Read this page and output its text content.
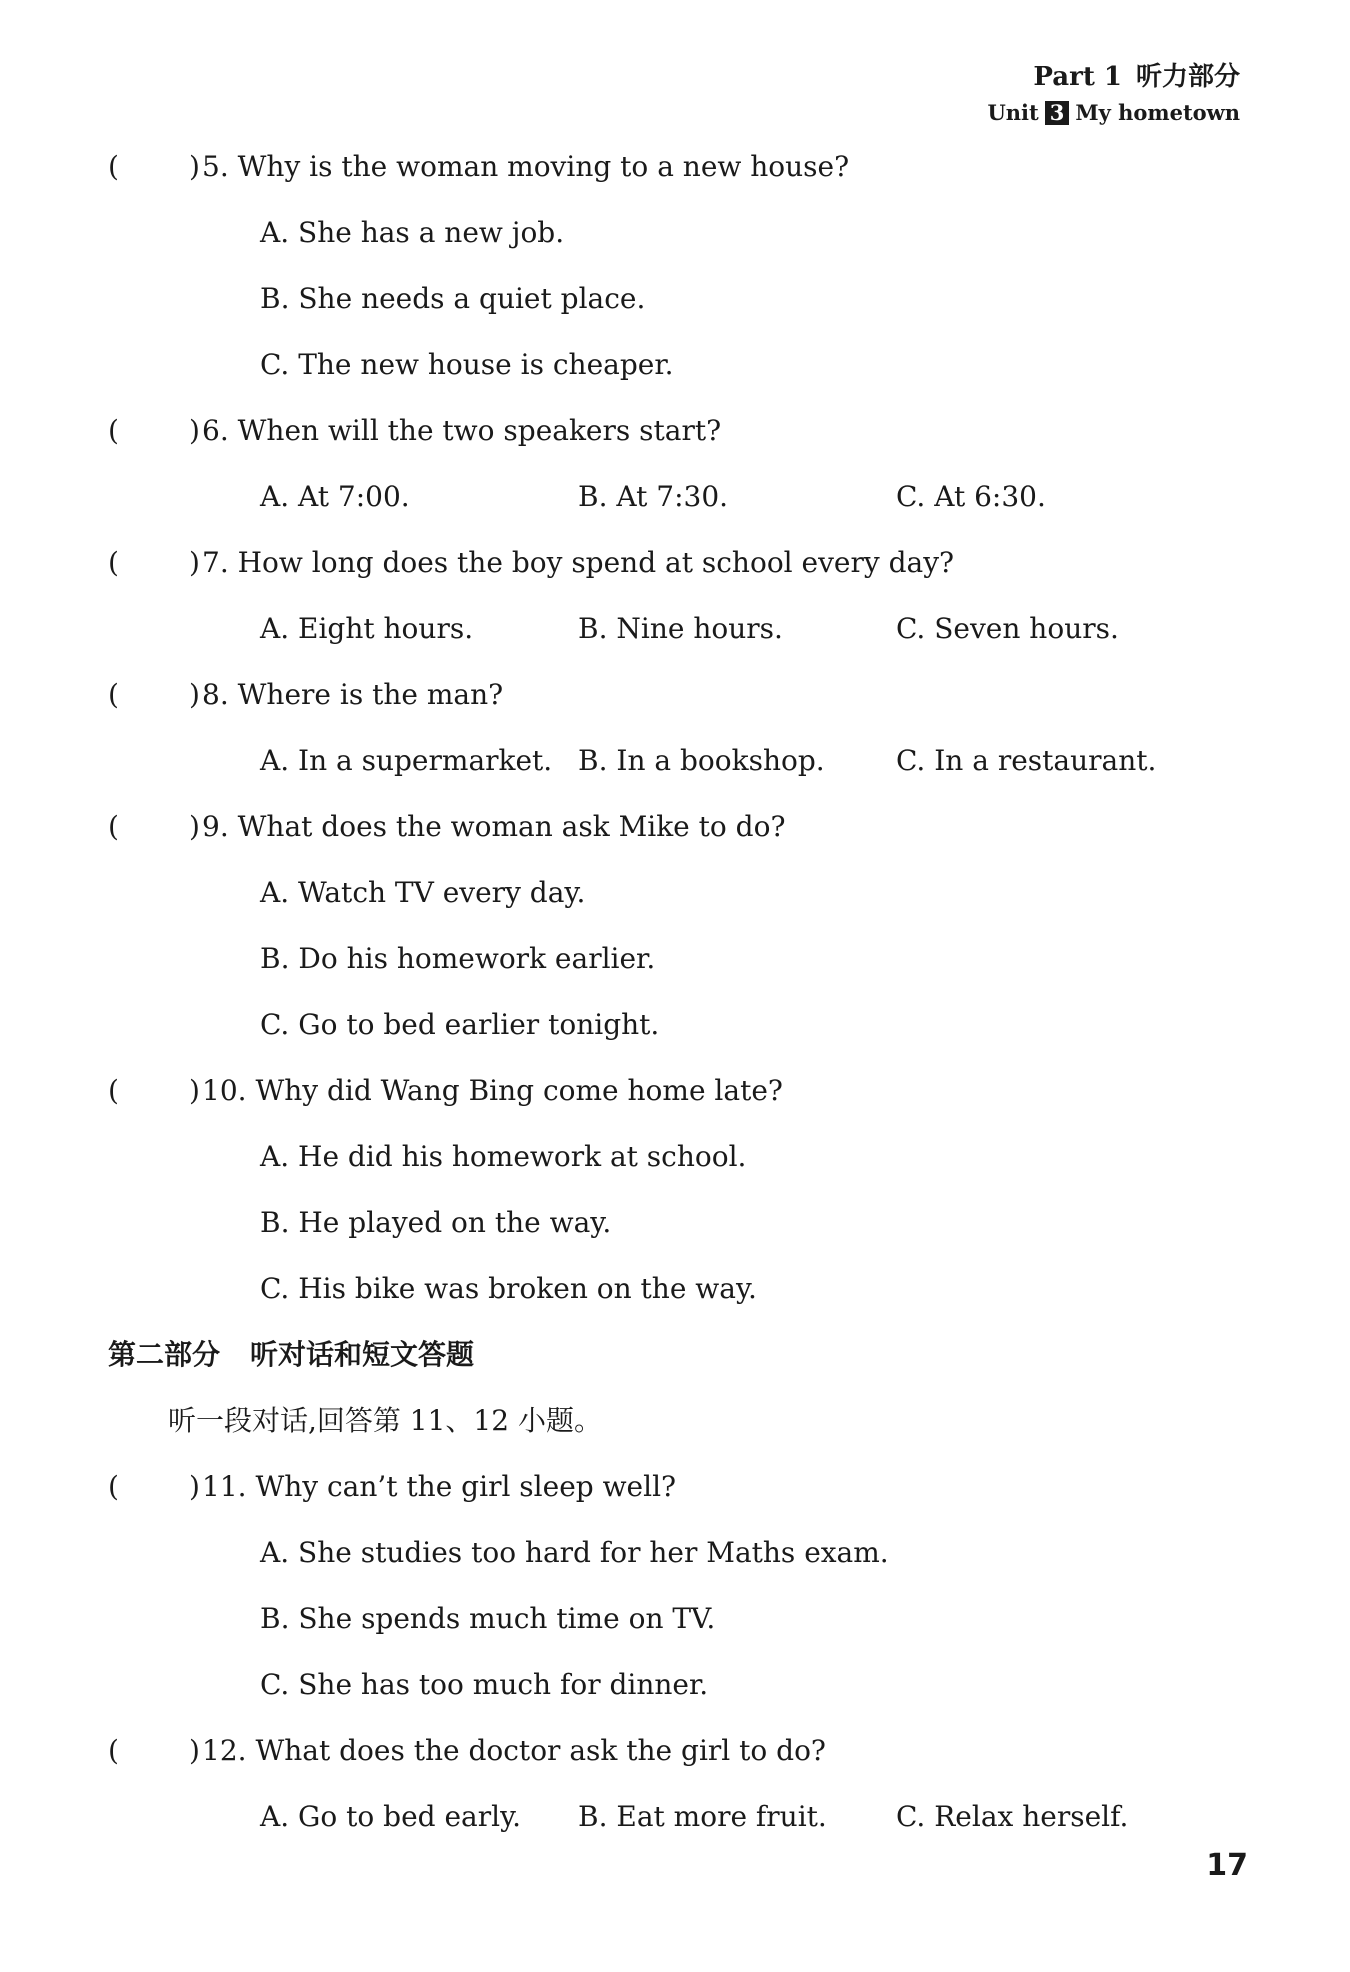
Part 1 听力部分
Unit 3 My hometown
(	) 5. Why is the woman moving to a new house?
A. She has a new job.
B. She needs a quiet place.
C. The new house is cheaper.
(	) 6. When will the two speakers start?
A. At 7:00.	B. At 7:30.	C. At 6:30.
(	) 7. How long does the boy spend at school every day?
A. Eight hours.	B. Nine hours.	C. Seven hours.
(	) 8. Where is the man?
A. In a supermarket. B. In a bookshop.	C. In a restaurant.
(	) 9. What does the woman ask Mike to do?
A. Watch TV every day.
B. Do his homework earlier.
C. Go to bed earlier tonight.
(	) 10. Why did Wang Bing come home late?
A. He did his homework at school.
B. He played on the way.
C. His bike was broken on the way.
第二部分 听对话和短文答题
听一段对话,回答第 11、12 小题。
(	) 11. Why can’t the girl sleep well?
A. She studies too hard for her Maths exam.
B. She spends much time on TV.
C. She has too much for dinner.
(	) 12. What does the doctor ask the girl to do?
A. Go to bed early.	B. Eat more fruit.	C. Relax herself.
17
